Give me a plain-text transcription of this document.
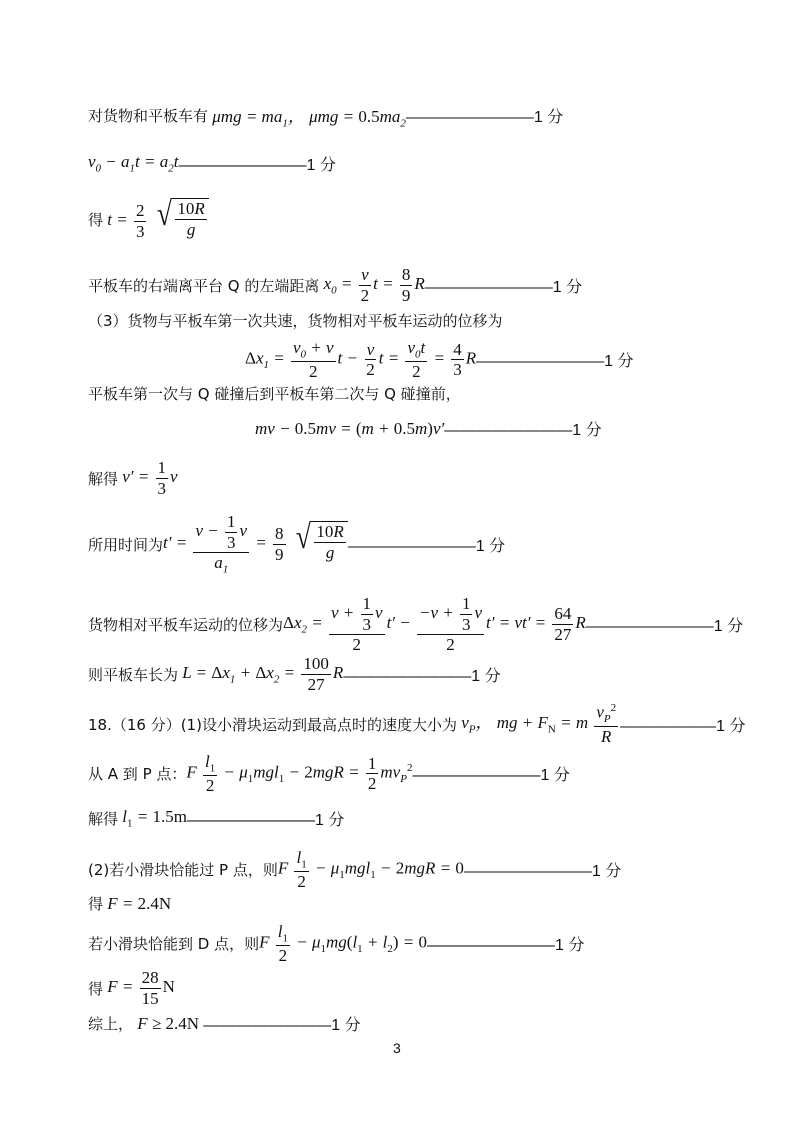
对货物和平板车有 $\mu mg = ma_1$， $\mu mg = 0.5ma_2$ ————————1 分
$v_0 - a_1t = a_2t$ ————————1 分
得 $t = \frac{2}{3}$
√ $\frac{10R}{g}$
平板车的右端离平台 Q 的左端距离 $x_0 = \frac{v}{2}$ $t = \frac{8}{9}$ R ————————1 分
（3）货物与平板车第一次共速，货物相对平板车运动的位移为
$\Delta x_1 = \frac{v_0 + v}{2}$ $t - \frac{v}{2}$ $t = \frac{v_0t}{2} = \frac{4}{3}$ R ————————1 分
平板车第一次与 Q 碰撞后到平板车第二次与 Q 碰撞前，
mv − 0.5mv = (m + 0.5m)v′ ————————1 分
解得 $v' = \frac{1}{3}$ v
所用时间为 $t' = \frac{v - \frac{1}{3} v}{a_1} = \frac{8}{9}$
√ $\frac{10R}{g}$ ————————1 分
货物相对平板车运动的位移为 $\Delta x_2 = \frac{v + \frac{1}{3} v}{2} t' - \frac{-v + \frac{1}{3} v}{2} t' = vt' = \frac{64}{27}$ R ————————1 分
则平板车长为 $L = \Delta x_1 + \Delta x_2 = \frac{100}{27}$ R ————————1 分
18.（16 分）(1)设小滑块运动到最高点时的速度大小为 $v_P$， mg + $F_N = m \frac{v_P^2}{R}$ ——————1 分
从 A 到 P 点： F $\frac{l_1}{2} - \mu_1mgl_1 - 2mgR = \frac{1}{2} mv_P^2$ ————————1 分
解得 $l_1 = 1.5m$ ————————1 分
(2)若小滑块恰能过 P 点，则 F $\frac{l_1}{2} - \mu_1mgl_1 - 2mgR = 0$ ————————1 分
得 F = 2.4N
若小滑块恰能到 D 点，则 F $\frac{l_1}{2} - \mu_1mg(l_1 + l_2) = 0$ ————————1 分
得 $F = \frac{28}{15}$ N
综上， F ≥ 2.4N ————————1 分
3
